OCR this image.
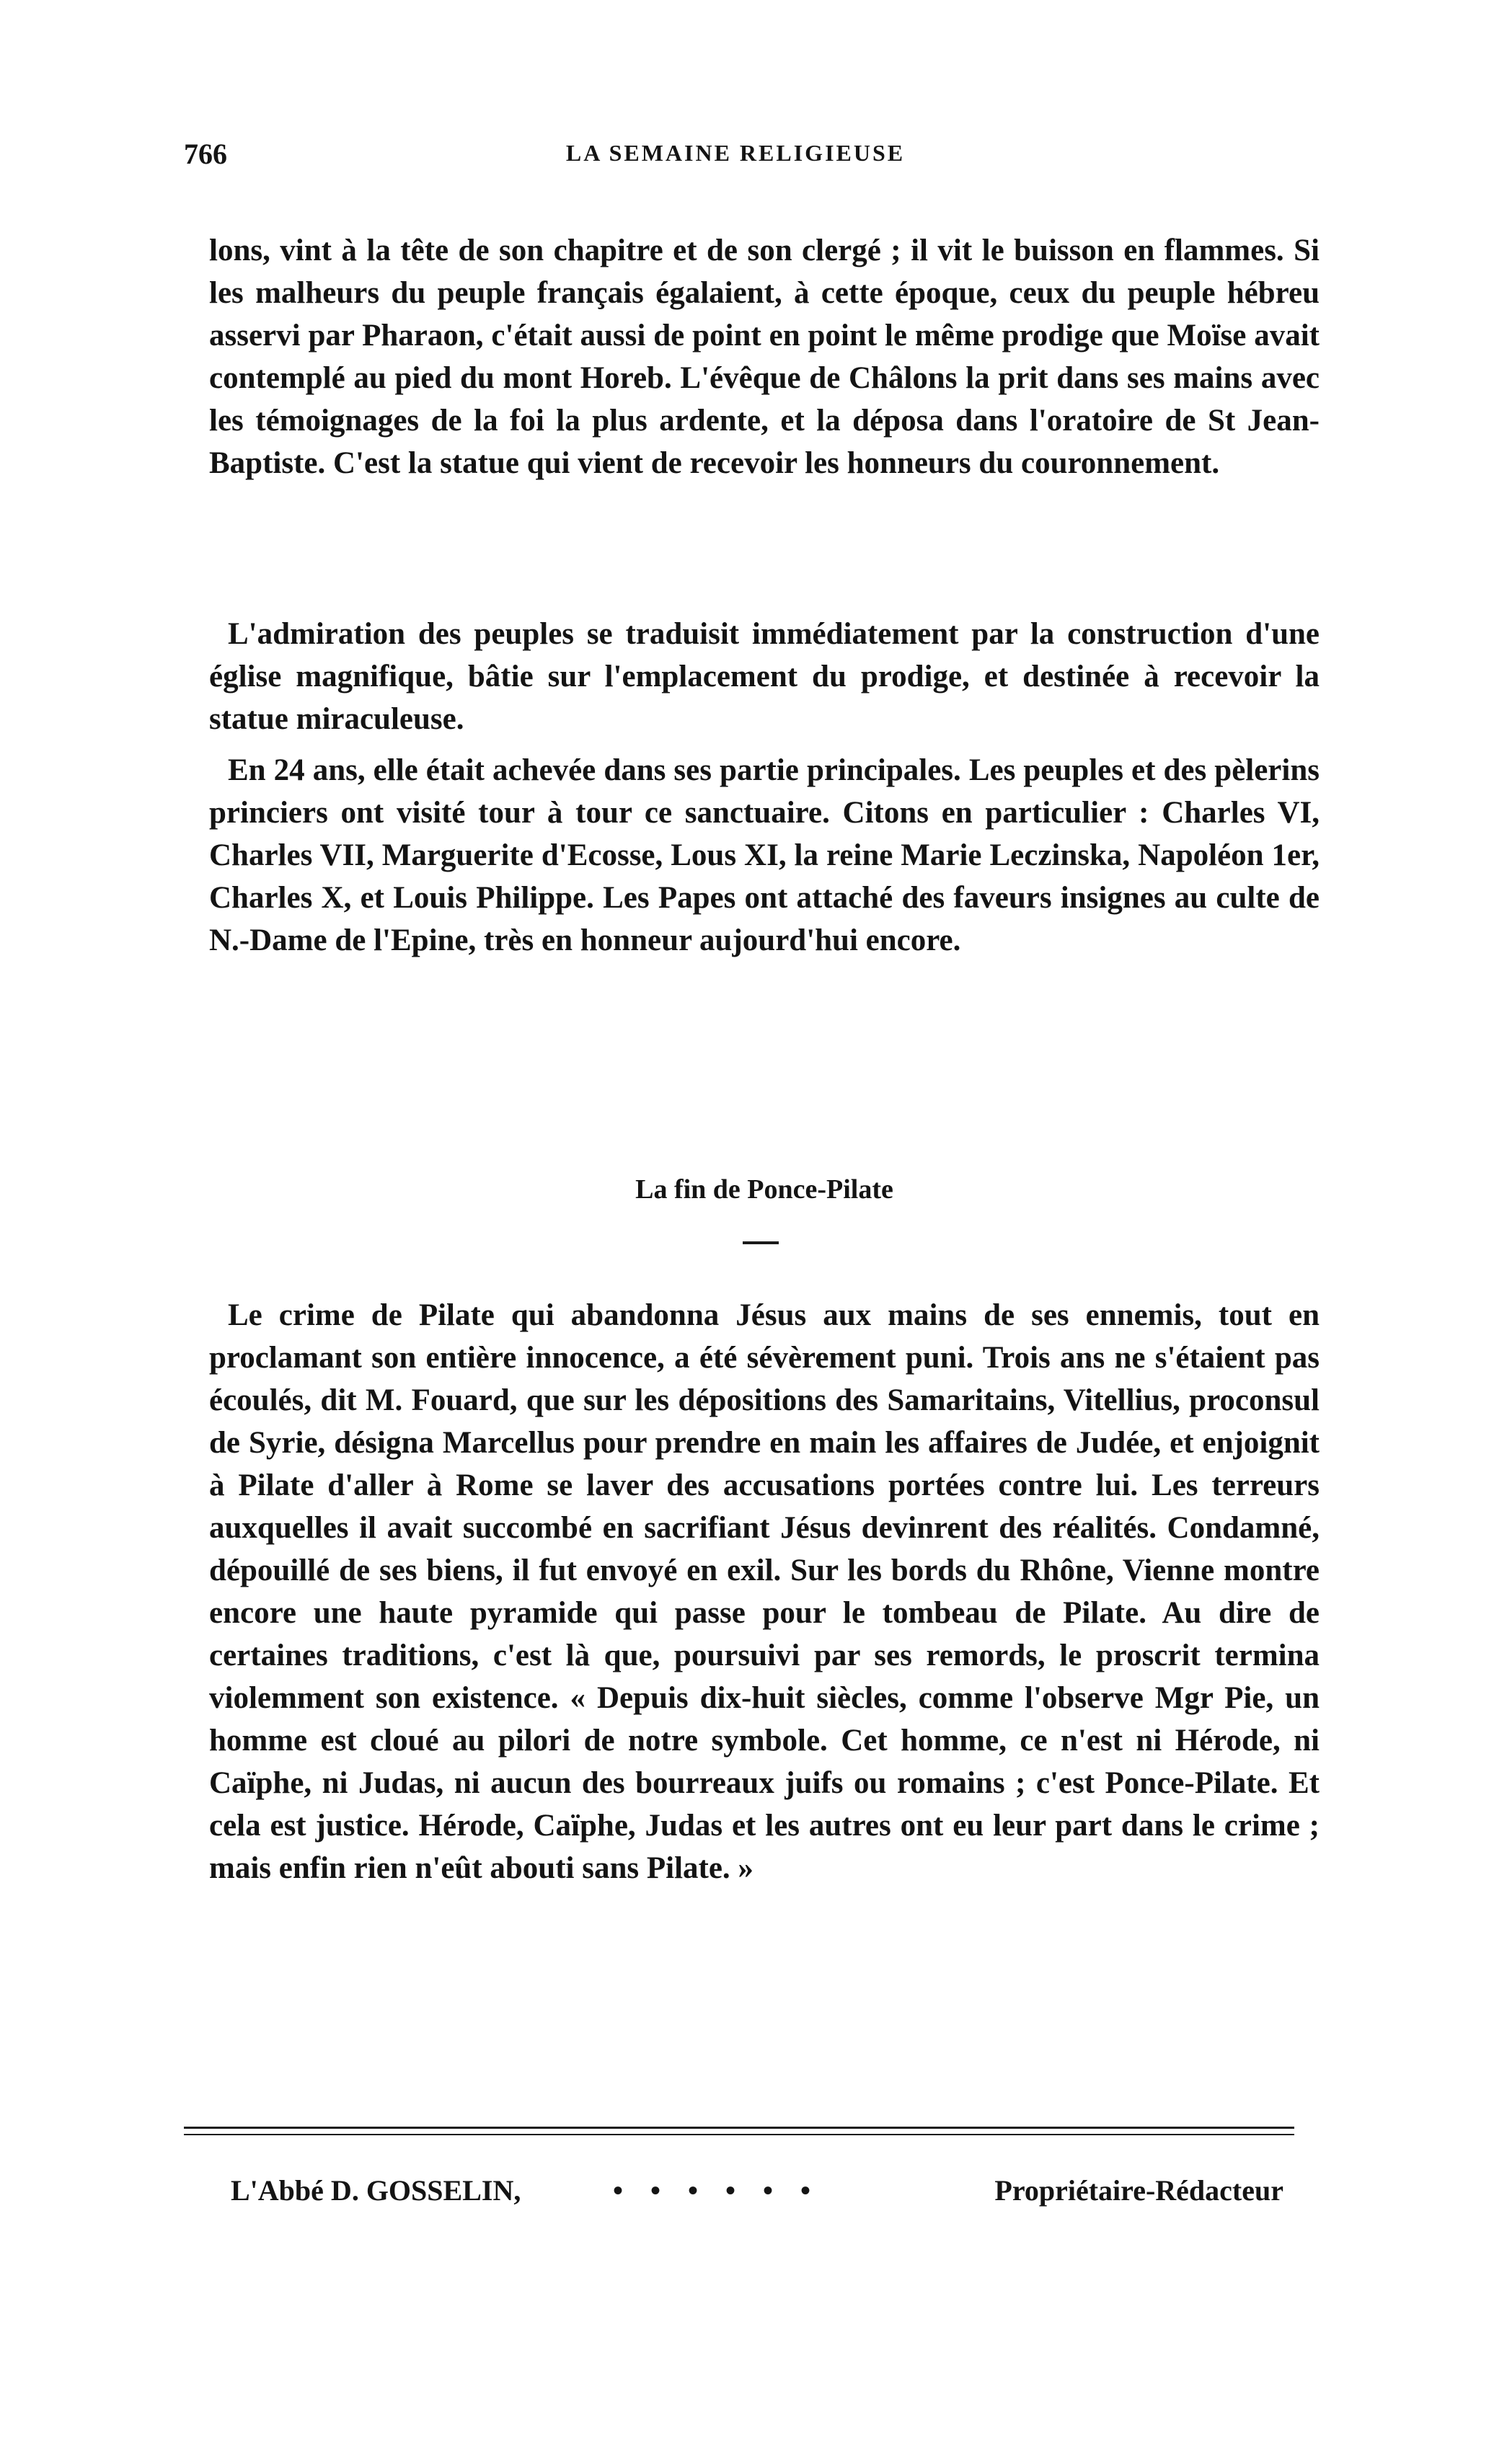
766	LA SEMAINE RELIGIEUSE

lons, vint à la tête de son chapitre et de son clergé ; il vit le buisson en flammes. Si les malheurs du peuple français égalaient, à cette époque, ceux du peuple hébreu asservi par Pharaon, c'était aussi de point en point le même prodige que Moïse avait contemplé au pied du mont Horeb. L'évêque de Châlons la prit dans ses mains avec les témoignages de la foi la plus ardente, et la déposa dans l'oratoire de St Jean-Baptiste. C'est la statue qui vient de recevoir les honneurs du couronnement.

L'admiration des peuples se traduisit immédiatement par la construction d'une église magnifique, bâtie sur l'emplacement du prodige, et destinée à recevoir la statue miraculeuse.

En 24 ans, elle était achevée dans ses partie principales. Les peuples et des pèlerins princiers ont visité tour à tour ce sanctuaire. Citons en particulier : Charles VI, Charles VII, Marguerite d'Ecosse, Lous XI, la reine Marie Leczinska, Napoléon 1er, Charles X, et Louis Philippe. Les Papes ont attaché des faveurs insignes au culte de N.-Dame de l'Epine, très en honneur aujourd'hui encore.

La fin de Ponce-Pilate

Le crime de Pilate qui abandonna Jésus aux mains de ses ennemis, tout en proclamant son entière innocence, a été sévèrement puni. Trois ans ne s'étaient pas écoulés, dit M. Fouard, que sur les dépositions des Samaritains, Vitellius, proconsul de Syrie, désigna Marcellus pour prendre en main les affaires de Judée, et enjoignit à Pilate d'aller à Rome se laver des accusations portées contre lui. Les terreurs auxquelles il avait succombé en sacrifiant Jésus devinrent des réalités. Condamné, dépouillé de ses biens, il fut envoyé en exil. Sur les bords du Rhône, Vienne montre encore une haute pyramide qui passe pour le tombeau de Pilate. Au dire de certaines traditions, c'est là que, poursuivi par ses remords, le proscrit termina violemment son existence. « Depuis dix-huit siècles, comme l'observe Mgr Pie, un homme est cloué au pilori de notre symbole. Cet homme, ce n'est ni Hérode, ni Caïphe, ni Judas, ni aucun des bourreaux juifs ou romains ; c'est Ponce-Pilate. Et cela est justice. Hérode, Caïphe, Judas et les autres ont eu leur part dans le crime ; mais enfin rien n'eût abouti sans Pilate. »

L'Abbé D. GOSSELIN,	• • • • • •	Propriétaire-Rédacteur
